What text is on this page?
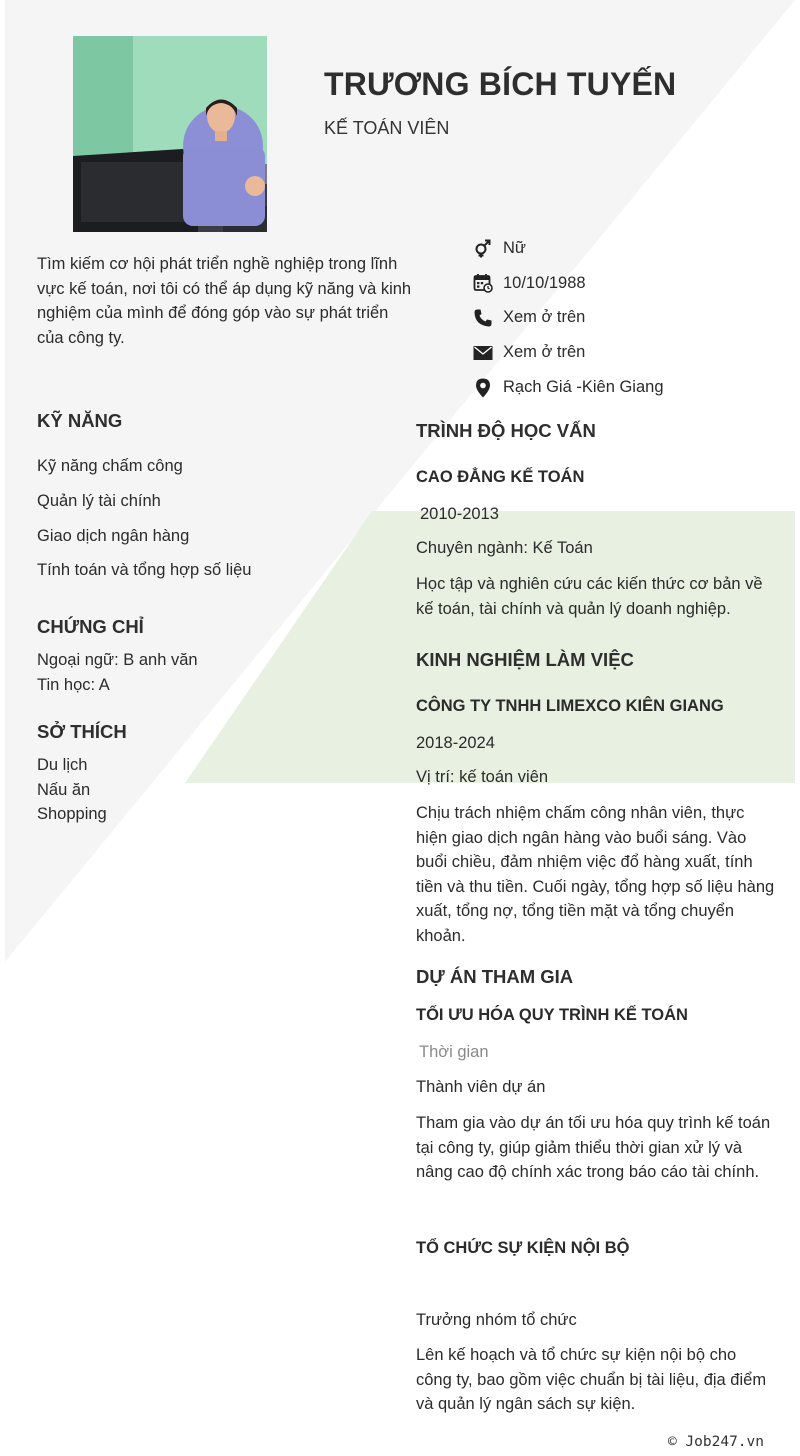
TRƯƠNG BÍCH TUYẾN
KẾ TOÁN VIÊN
Tìm kiếm cơ hội phát triển nghề nghiệp trong lĩnh vực kế toán, nơi tôi có thể áp dụng kỹ năng và kinh nghiệm của mình để đóng góp vào sự phát triển của công ty.
Nữ
10/10/1988
Xem ở trên
Xem ở trên
Rạch Giá -Kiên Giang
KỸ NĂNG
Kỹ năng chấm công
Quản lý tài chính
Giao dịch ngân hàng
Tính toán và tổng hợp số liệu
CHỨNG CHỈ
Ngoại ngữ: B anh văn
Tin học: A
SỞ THÍCH
Du lịch
Nấu ăn
Shopping
TRÌNH ĐỘ HỌC VẤN
CAO ĐẲNG KẾ TOÁN
2010-2013
Chuyên ngành: Kế Toán
Học tập và nghiên cứu các kiến thức cơ bản về kế toán, tài chính và quản lý doanh nghiệp.
KINH NGHIỆM LÀM VIỆC
CÔNG TY TNHH LIMEXCO KIÊN GIANG
2018-2024
Vị trí: kế toán viên
Chịu trách nhiệm chấm công nhân viên, thực hiện giao dịch ngân hàng vào buổi sáng. Vào buổi chiều, đảm nhiệm việc đổ hàng xuất, tính tiền và thu tiền. Cuối ngày, tổng hợp số liệu hàng xuất, tổng nợ, tổng tiền mặt và tổng chuyển khoản.
DỰ ÁN THAM GIA
TỐI ƯU HÓA QUY TRÌNH KẾ TOÁN
Thời gian
Thành viên dự án
Tham gia vào dự án tối ưu hóa quy trình kế toán tại công ty, giúp giảm thiểu thời gian xử lý và nâng cao độ chính xác trong báo cáo tài chính.
TỔ CHỨC SỰ KIỆN NỘI BỘ
Trưởng nhóm tổ chức
Lên kế hoạch và tổ chức sự kiện nội bộ cho công ty, bao gồm việc chuẩn bị tài liệu, địa điểm và quản lý ngân sách sự kiện.
© Job247.vn
